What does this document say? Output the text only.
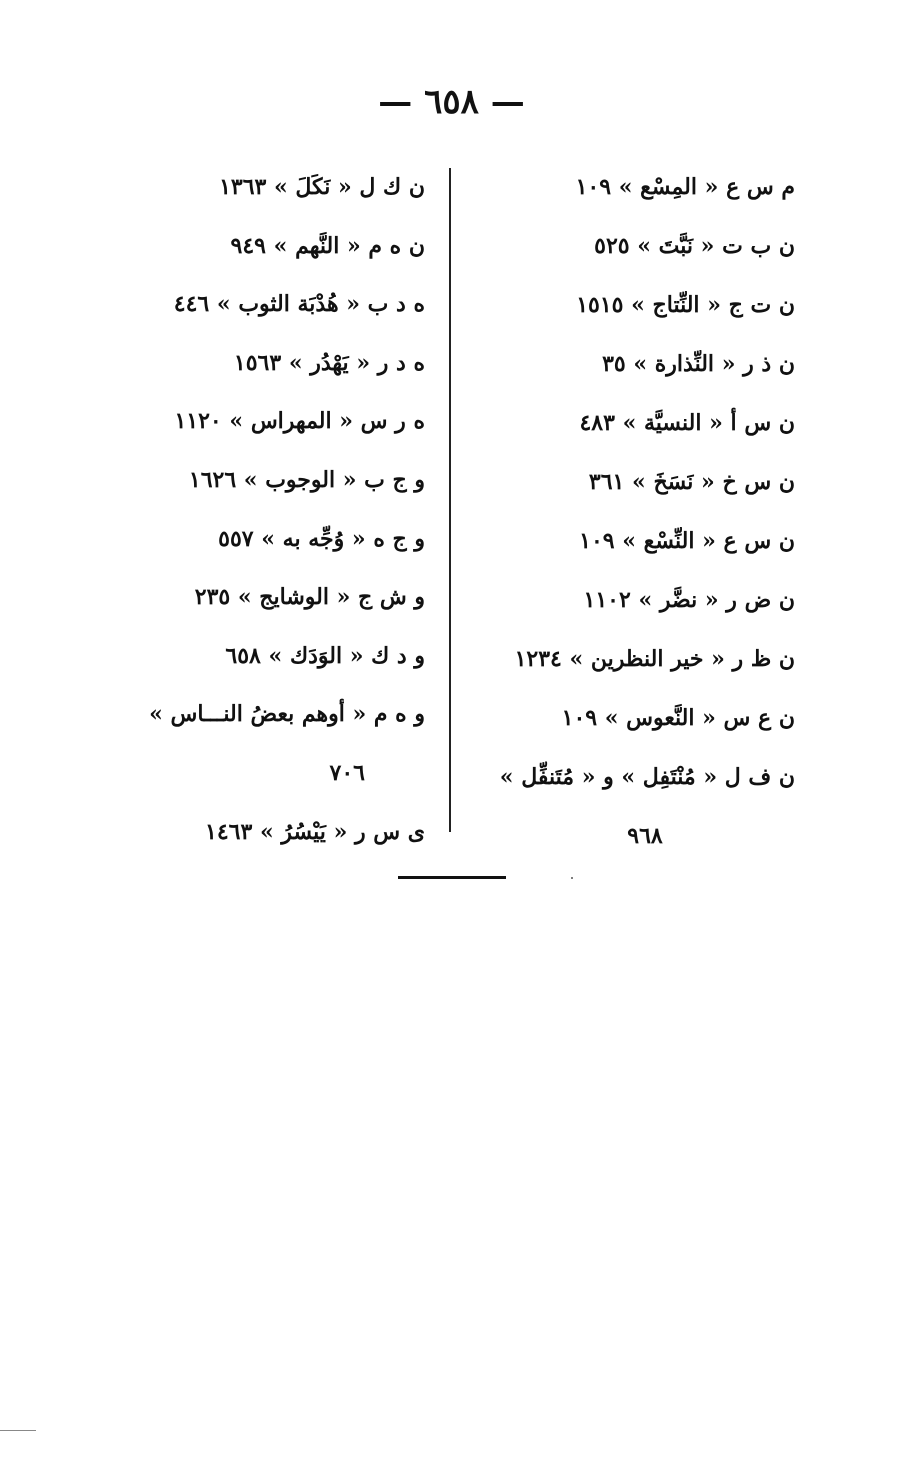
— ٦٥٨ —
م س ع « المِسْع » ١٠٩
ن ب ت « نَبَّتَ » ٥٢٥
ن ت ج « النِّتاج » ١٥١٥
ن ذ ر « النِّذارة » ٣٥
ن س أ « النسيَّة » ٤٨٣
ن س خ « نَسَخَ » ٣٦١
ن س ع « النِّسْع » ١٠٩
ن ض ر « نضَّر » ١١٠٢
ن ظ ر « خير النظرين » ١٢٣٤
ن ع س « النَّعوس » ١٠٩
ن ف ل « مُنْتَفِل » و « مُتَنفِّل »
٩٦٨
ن ك ل « نَكَلَ » ١٣٦٣
ن ه م « النَّهم » ٩٤٩
ه د ب « هُدْبَة الثوب » ٤٤٦
ه د ر « يَهْدُر » ١٥٦٣
ه ر س « المهراس » ١١٢٠
و ج ب « الوجوب » ١٦٢٦
و ج ه « وُجِّه به » ٥٥٧
و ش ج « الوشايج » ٢٣٥
و د ك « الوَدَك » ٦٥٨
و ه م « أوهم بعضُ النـــاس »
٧٠٦
ى س ر « يَيْسُرُ » ١٤٦٣
